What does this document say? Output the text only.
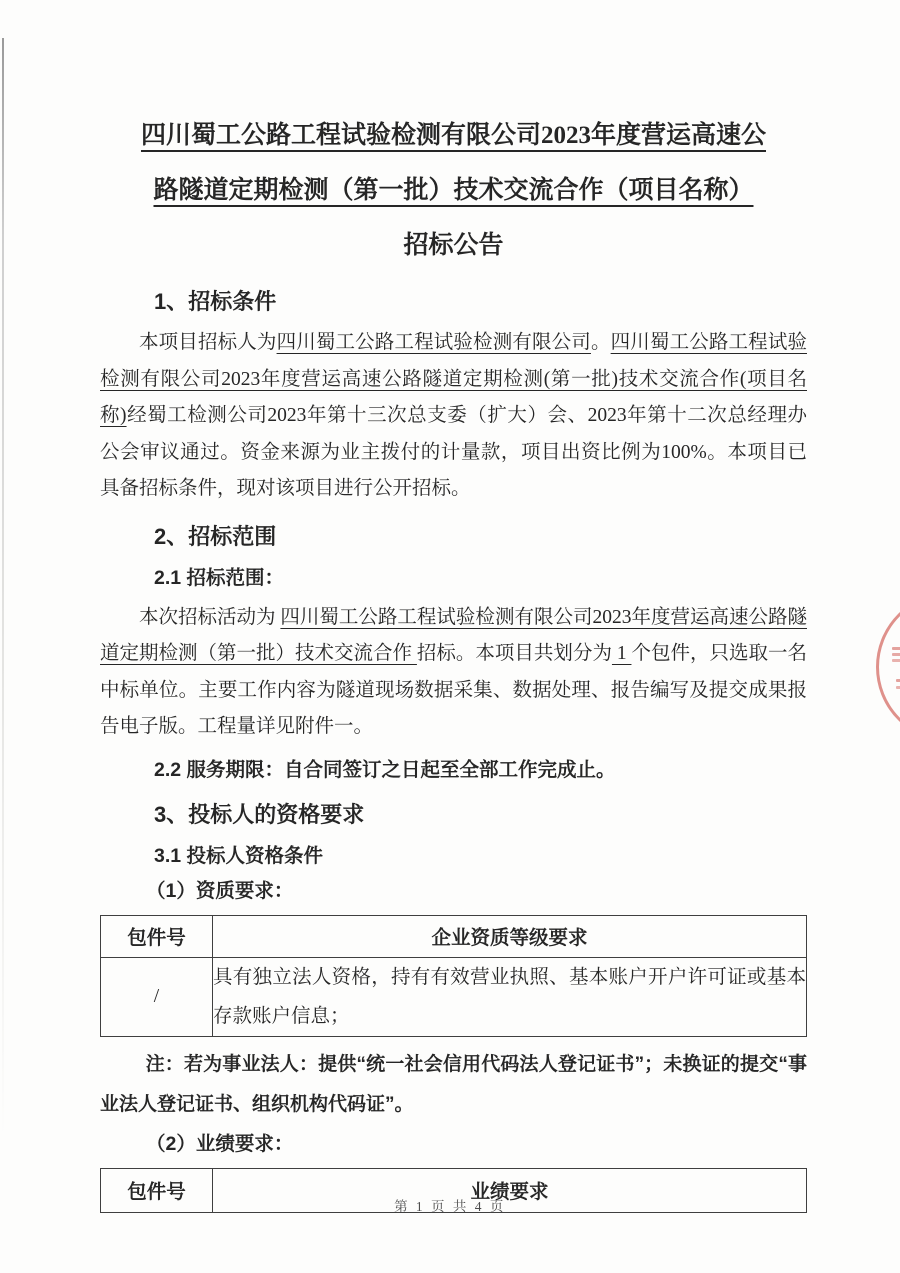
四川蜀工公路工程试验检测有限公司2023年度营运高速公
路隧道定期检测（第一批）技术交流合作（项目名称）
招标公告
1、招标条件

本项目招标人为四川蜀工公路工程试验检测有限公司。四川蜀工公路工程试验检测有限公司2023年度营运高速公路隧道定期检测(第一批)技术交流合作(项目名称)经蜀工检测公司2023年第十三次总支委（扩大）会、2023年第十二次总经理办公会审议通过。资金来源为业主拨付的计量款，项目出资比例为100%。本项目已具备招标条件，现对该项目进行公开招标。

2、招标范围
2.1 招标范围：

本次招标活动为 四川蜀工公路工程试验检测有限公司2023年度营运高速公路隧道定期检测（第一批）技术交流合作 招标。本项目共划分为 1 个包件，只选取一名中标单位。主要工作内容为隧道现场数据采集、数据处理、报告编写及提交成果报告电子版。工程量详见附件一。

2.2 服务期限：自合同签订之日起至全部工作完成止。
3、投标人的资格要求
3.1 投标人资格条件
（1）资质要求：
包件号	企业资质等级要求
/	具有独立法人资格，持有有效营业执照、基本账户开户许可证或基本存款账户信息；

注：若为事业法人：提供“统一社会信用代码法人登记证书”；未换证的提交“事业法人登记证书、组织机构代码证”。

（2）业绩要求：
包件号	业绩要求
第 1 页 共 4 页
